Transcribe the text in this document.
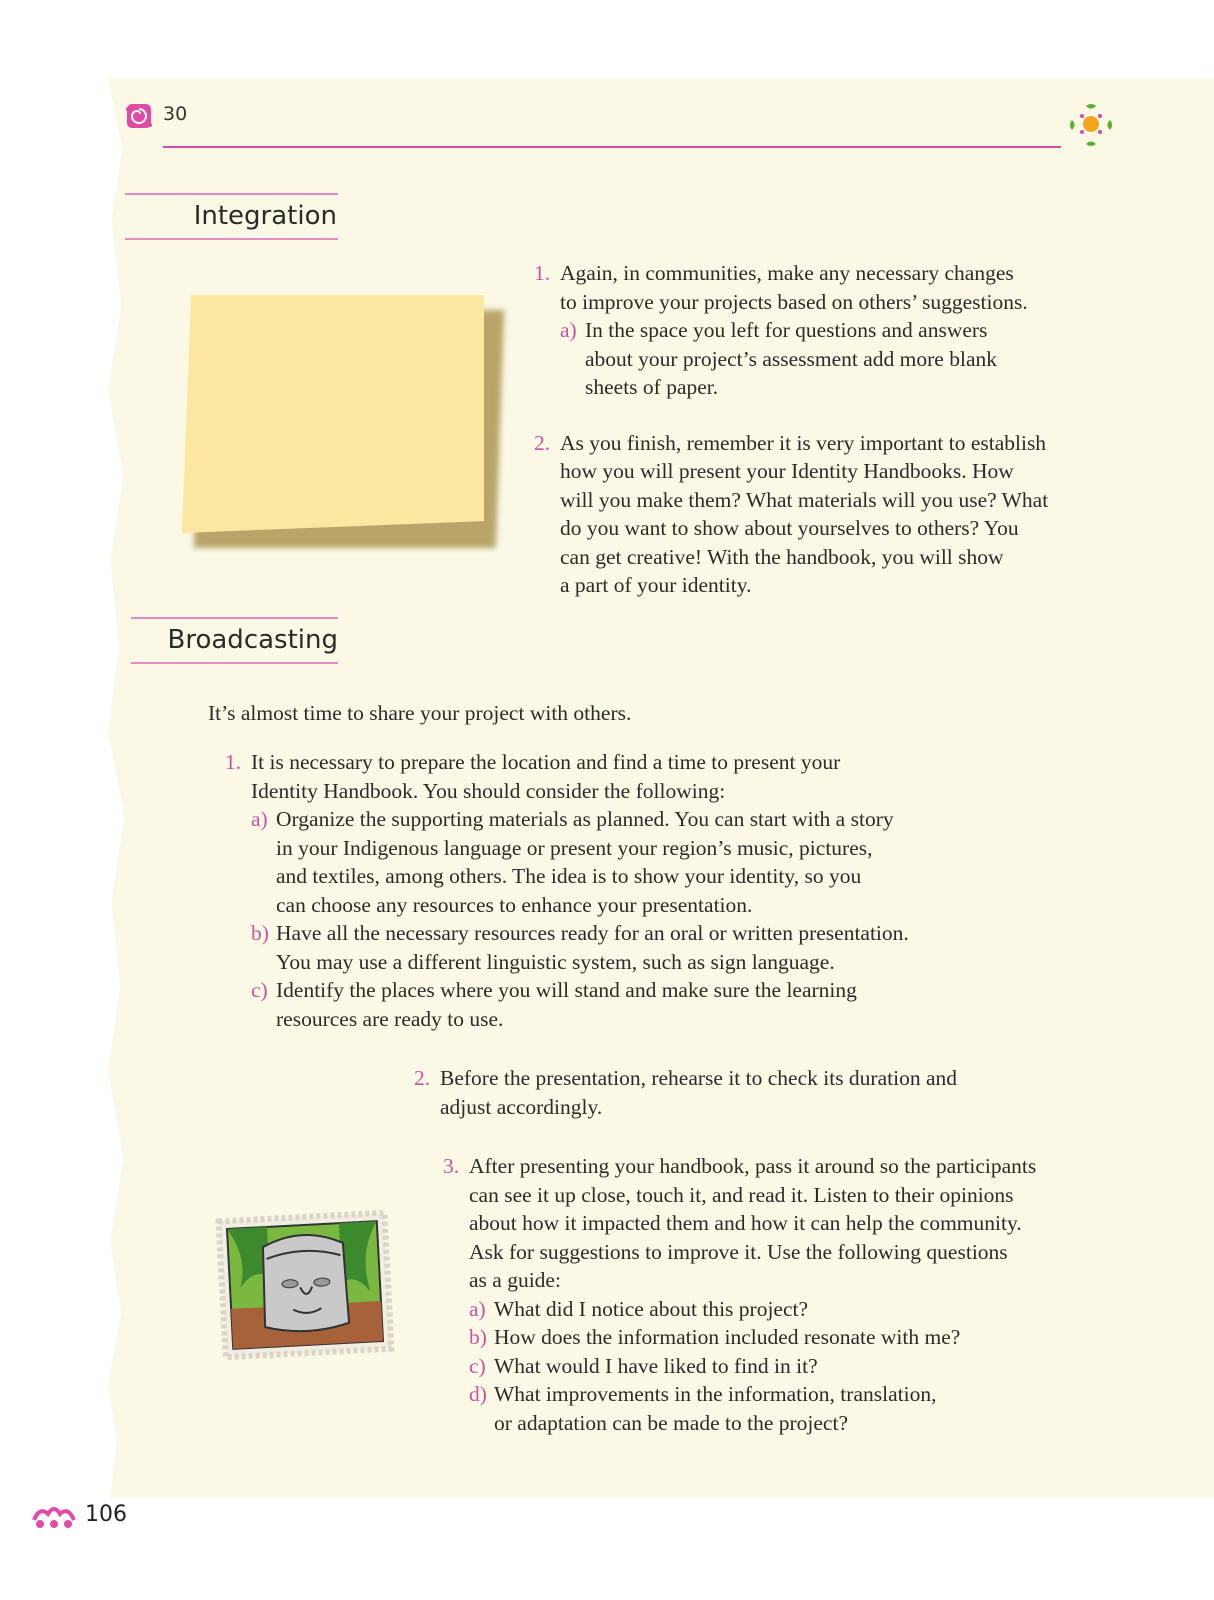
30
Integration
1. Again, in communities, make any necessary changes
to improve your projects based on others’ suggestions.
a) In the space you left for questions and answers
about your project’s assessment add more blank
sheets of paper.
2. As you finish, remember it is very important to establish
how you will present your Identity Handbooks. How
will you make them? What materials will you use? What
do you want to show about yourselves to others? You
can get creative! With the handbook, you will show
a part of your identity.
Broadcasting
It’s almost time to share your project with others.
1. It is necessary to prepare the location and find a time to present your
Identity Handbook. You should consider the following:
a) Organize the supporting materials as planned. You can start with a story
in your Indigenous language or present your region’s music, pictures,
and textiles, among others. The idea is to show your identity, so you
can choose any resources to enhance your presentation.
b) Have all the necessary resources ready for an oral or written presentation.
You may use a different linguistic system, such as sign language.
c) Identify the places where you will stand and make sure the learning
resources are ready to use.
2. Before the presentation, rehearse it to check its duration and
adjust accordingly.
3. After presenting your handbook, pass it around so the participants
can see it up close, touch it, and read it. Listen to their opinions
about how it impacted them and how it can help the community.
Ask for suggestions to improve it. Use the following questions
as a guide:
a) What did I notice about this project?
b) How does the information included resonate with me?
c) What would I have liked to find in it?
d) What improvements in the information, translation,
or adaptation can be made to the project?
106
